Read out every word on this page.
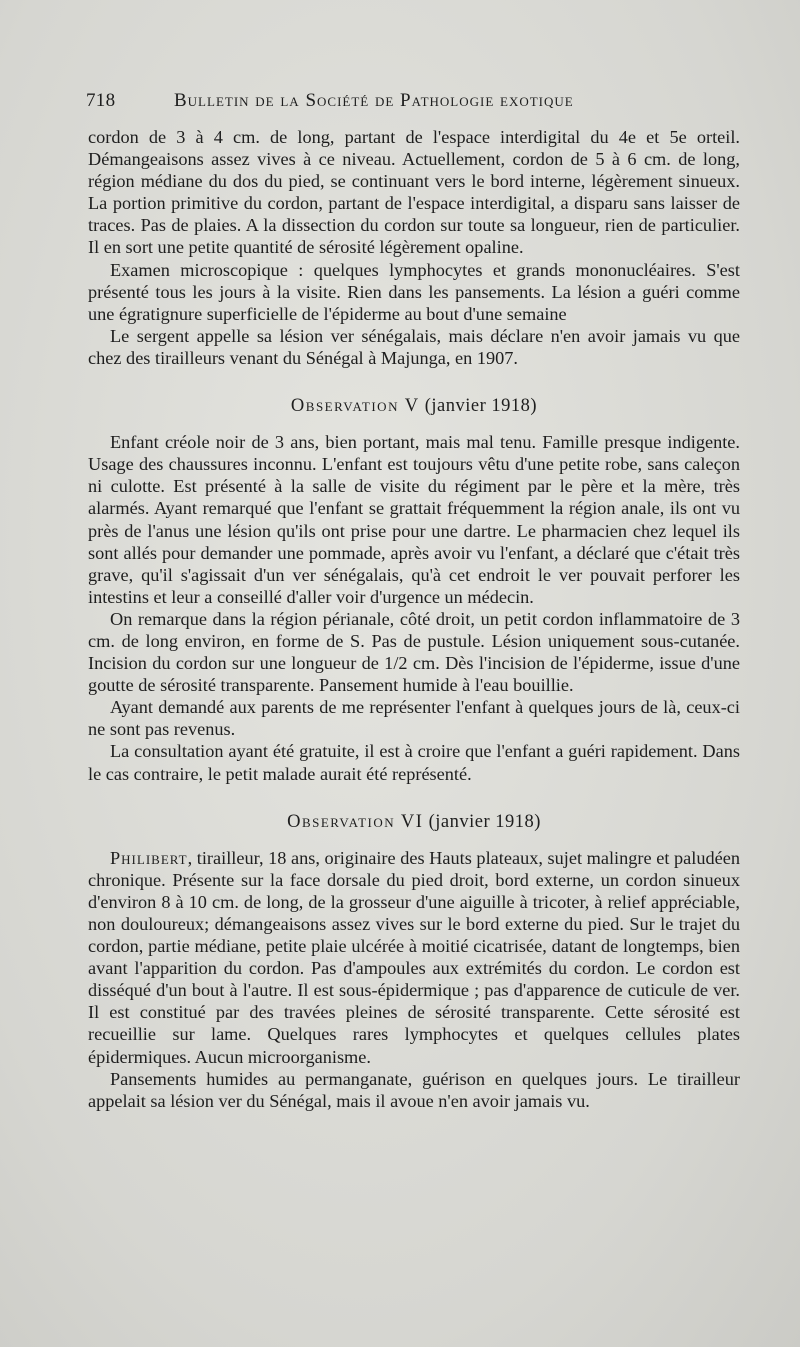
718	Bulletin de la Société de Pathologie exotique

cordon de 3 à 4 cm. de long, partant de l'espace interdigital du 4e et 5e orteil. Démangeaisons assez vives à ce niveau. Actuellement, cordon de 5 à 6 cm. de long, région médiane du dos du pied, se continuant vers le bord interne, légèrement sinueux. La portion primitive du cordon, partant de l'espace interdigital, a disparu sans laisser de traces. Pas de plaies. A la dissection du cordon sur toute sa longueur, rien de particulier. Il en sort une petite quantité de sérosité légèrement opaline.

Examen microscopique : quelques lymphocytes et grands mononucléaires. S'est présenté tous les jours à la visite. Rien dans les pansements. La lésion a guéri comme une égratignure superficielle de l'épiderme au bout d'une semaine

Le sergent appelle sa lésion ver sénégalais, mais déclare n'en avoir jamais vu que chez des tirailleurs venant du Sénégal à Majunga, en 1907.

Observation V (janvier 1918)

Enfant créole noir de 3 ans, bien portant, mais mal tenu. Famille presque indigente. Usage des chaussures inconnu. L'enfant est toujours vêtu d'une petite robe, sans caleçon ni culotte. Est présenté à la salle de visite du régiment par le père et la mère, très alarmés. Ayant remarqué que l'enfant se grattait fréquemment la région anale, ils ont vu près de l'anus une lésion qu'ils ont prise pour une dartre. Le pharmacien chez lequel ils sont allés pour demander une pommade, après avoir vu l'enfant, a déclaré que c'était très grave, qu'il s'agissait d'un ver sénégalais, qu'à cet endroit le ver pouvait perforer les intestins et leur a conseillé d'aller voir d'urgence un médecin.

On remarque dans la région périanale, côté droit, un petit cordon inflammatoire de 3 cm. de long environ, en forme de S. Pas de pustule. Lésion uniquement sous-cutanée. Incision du cordon sur une longueur de 1/2 cm. Dès l'incision de l'épiderme, issue d'une goutte de sérosité transparente. Pansement humide à l'eau bouillie.

Ayant demandé aux parents de me représenter l'enfant à quelques jours de là, ceux-ci ne sont pas revenus.

La consultation ayant été gratuite, il est à croire que l'enfant a guéri rapidement. Dans le cas contraire, le petit malade aurait été représenté.

Observation VI (janvier 1918)

Philibert, tirailleur, 18 ans, originaire des Hauts plateaux, sujet malingre et paludéen chronique. Présente sur la face dorsale du pied droit, bord externe, un cordon sinueux d'environ 8 à 10 cm. de long, de la grosseur d'une aiguille à tricoter, à relief appréciable, non douloureux; démangeaisons assez vives sur le bord externe du pied. Sur le trajet du cordon, partie médiane, petite plaie ulcérée à moitié cicatrisée, datant de longtemps, bien avant l'apparition du cordon. Pas d'ampoules aux extrémités du cordon. Le cordon est disséqué d'un bout à l'autre. Il est sous-épidermique ; pas d'apparence de cuticule de ver. Il est constitué par des travées pleines de sérosité transparente. Cette sérosité est recueillie sur lame. Quelques rares lymphocytes et quelques cellules plates épidermiques. Aucun microorganisme.

Pansements humides au permanganate, guérison en quelques jours. Le tirailleur appelait sa lésion ver du Sénégal, mais il avoue n'en avoir jamais vu.
